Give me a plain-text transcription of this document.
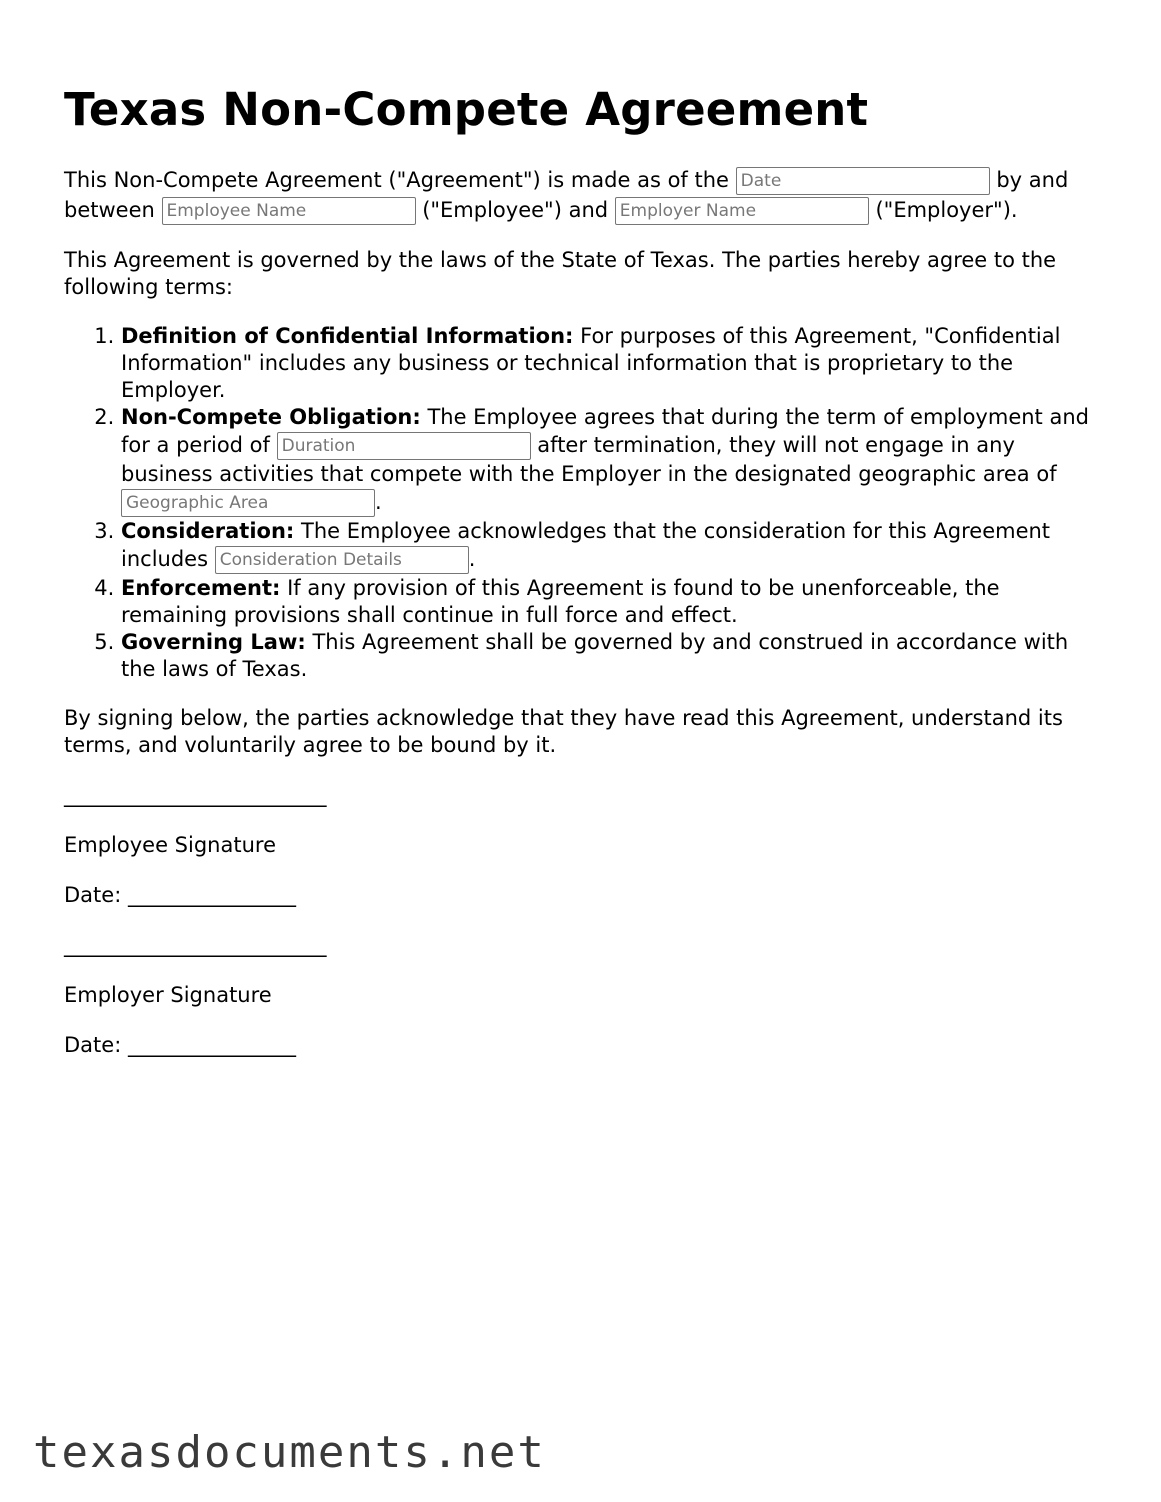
Texas Non-Compete Agreement

This Non-Compete Agreement ("Agreement") is made as of the Date	by and between Employee Name	("Employee") and Employer Name	("Employer").

This Agreement is governed by the laws of the State of Texas. The parties hereby agree to the following terms:

1. Definition of Confidential Information: For purposes of this Agreement, "Confidential Information" includes any business or technical information that is proprietary to the Employer.
2. Non-Compete Obligation: The Employee agrees that during the term of employment and for a period of Duration	after termination, they will not engage in any business activities that compete with the Employer in the designated geographic area of Geographic Area	.
3. Consideration: The Employee acknowledges that the consideration for this Agreement includes Consideration Details	.
4. Enforcement: If any provision of this Agreement is found to be unenforceable, the remaining provisions shall continue in full force and effect.
5. Governing Law: This Agreement shall be governed by and construed in accordance with the laws of Texas.

By signing below, the parties acknowledge that they have read this Agreement, understand its terms, and voluntarily agree to be bound by it.

_________________________
Employee Signature
Date: ________________
_________________________
Employer Signature
Date: ________________
texasdocuments.net
